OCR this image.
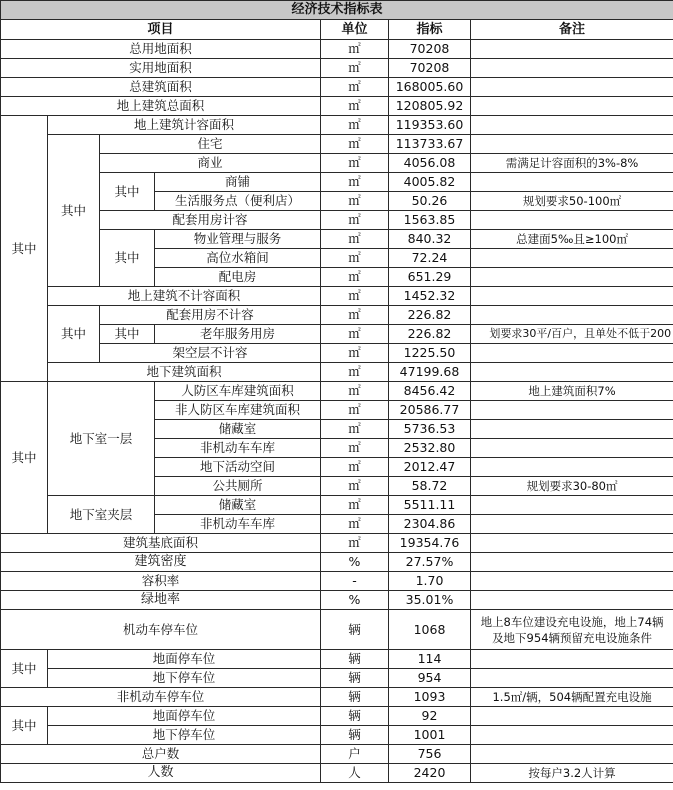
经济技术指标表						
项目				单位	指标	备注
总用地面积				㎡	70208	
实用地面积				㎡	70208	
总建筑面积				㎡	168005.60	
地上建筑总面积				㎡	120805.92	
其中	地上建筑计容面积			㎡	119353.60	
	其中	住宅		㎡	113733.67	
		商业		㎡	4056.08	需满足计容面积的3%-8%
		其中	商铺	㎡	4005.82	
			生活服务点（便利店）	㎡	50.26	规划要求50-100㎡
		配套用房计容		㎡	1563.85	
		其中	物业管理与服务	㎡	840.32	总建面5‰且≥100㎡
			高位水箱间	㎡	72.24	
			配电房	㎡	651.29	
	地上建筑不计容面积			㎡	1452.32	
	其中	配套用房不计容		㎡	226.82	
		其中	老年服务用房	㎡	226.82	划要求30平/百户，且单处不低于200
		架空层不计容		㎡	1225.50	
	地下建筑面积			㎡	47199.68	
其中	地下室一层		人防区车库建筑面积	㎡	8456.42	地上建筑面积7%
			非人防区车库建筑面积	㎡	20586.77	
			储藏室	㎡	5736.53	
			非机动车车库	㎡	2532.80	
			地下活动空间	㎡	2012.47	
			公共厕所	㎡	58.72	规划要求30-80㎡
	地下室夹层		储藏室	㎡	5511.11	
			非机动车车库	㎡	2304.86	
建筑基底面积				㎡	19354.76	
建筑密度				%	27.57%	
容积率				-	1.70	
绿地率				%	35.01%	
机动车停车位				辆	1068	地上8车位建设充电设施，地上74辆
及地下954辆预留充电设施条件

其中	地面停车位			辆	114	
	地下停车位			辆	954	
非机动车停车位				辆	1093	1.5㎡/辆，504辆配置充电设施
其中	地面停车位			辆	92	
	地下停车位			辆	1001	
总户数				户	756	
人数				人	2420	按每户3.2人计算
